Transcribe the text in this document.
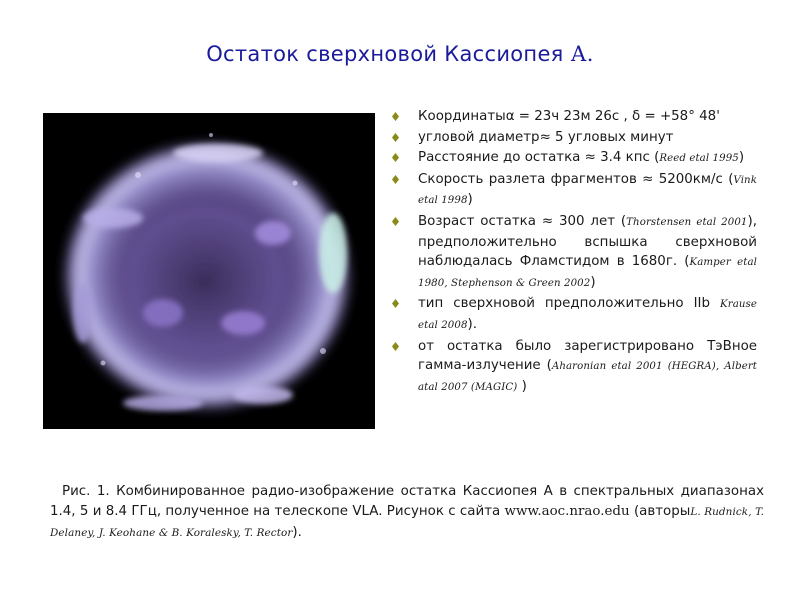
Остаток сверхновой Кассиопея А.
Координатыα = 23ч 23м 26с , δ = +58° 48'
угловой диаметр≈ 5 угловых минут
Расстояние до остатка ≈ 3.4 кпс (Reed etal 1995)
Скорость разлета фрагментов ≈ 5200км/с (Vink etal 1998)
Возраст остатка ≈ 300 лет (Thorstensen etal 2001), предположительно вспышка сверхновой наблюдалась Фламстидом в 1680г. (Kamper etal 1980, Stephenson & Green 2002)
тип сверхновой предположительно IIb Krause etal 2008).
от остатка было зарегистрировано ТэВное гамма-излучение (Aharonian etal 2001 (HEGRA), Albert atal 2007 (MAGIC) )
Рис. 1. Комбинированное радио-изображение остатка Кассиопея А в спектральных диапазонах 1.4, 5 и 8.4 ГГц, полученное на телескопе VLA. Рисунок с сайта www.aoc.nrao.edu (авторыL. Rudnick, T. Delaney, J. Keohane & B. Koralesky, T. Rector).
